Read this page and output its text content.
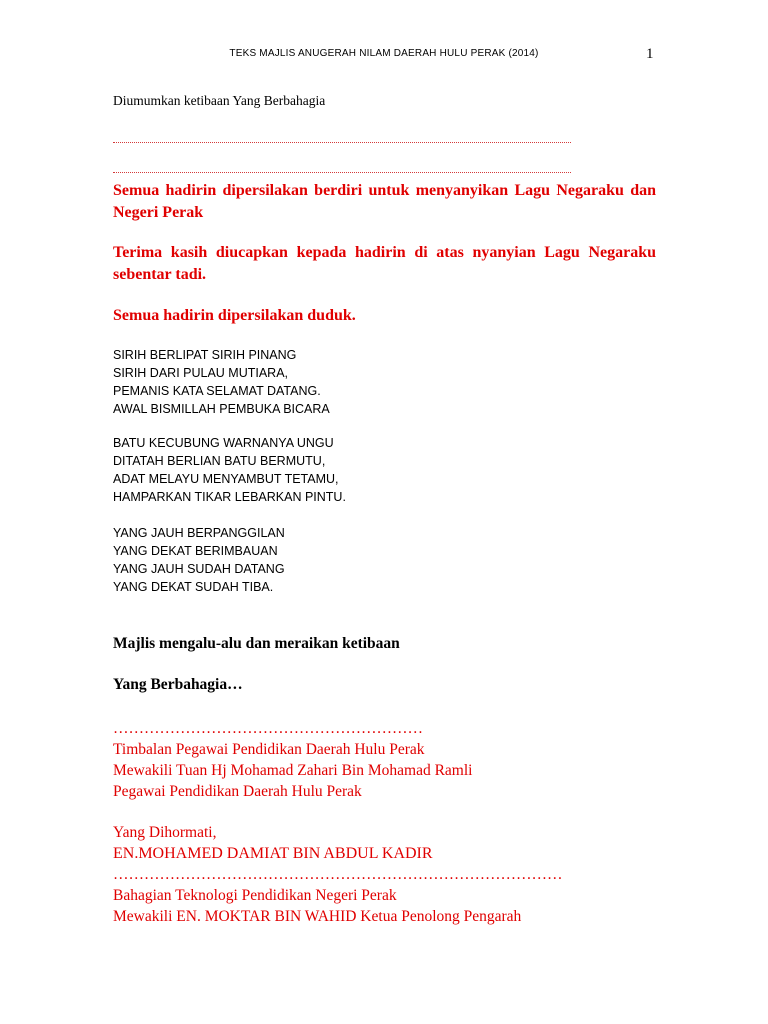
TEKS MAJLIS ANUGERAH NILAM DAERAH HULU PERAK (2014)	1
Diumumkan ketibaan Yang Berbahagia
Semua hadirin dipersilakan berdiri untuk menyanyikan Lagu Negaraku dan Negeri Perak
Terima kasih diucapkan kepada hadirin di atas nyanyian Lagu Negaraku sebentar tadi.
Semua hadirin dipersilakan duduk.
SIRIH BERLIPAT SIRIH PINANG
SIRIH DARI PULAU MUTIARA,
PEMANIS KATA SELAMAT DATANG.
AWAL BISMILLAH PEMBUKA BICARA
BATU KECUBUNG WARNANYA UNGU
DITATAH BERLIAN BATU BERMUTU,
ADAT MELAYU MENYAMBUT TETAMU,
HAMPARKAN TIKAR LEBARKAN PINTU.
YANG JAUH BERPANGGILAN
YANG DEKAT BERIMBAUAN
YANG JAUH SUDAH DATANG
YANG DEKAT SUDAH TIBA.
Majlis mengalu-alu dan meraikan ketibaan
Yang Berbahagia…
……………………………………………………
Timbalan Pegawai Pendidikan Daerah Hulu Perak
Mewakili Tuan Hj Mohamad Zahari Bin Mohamad Ramli
Pegawai Pendidikan Daerah Hulu Perak
Yang Dihormati,
EN.MOHAMED DAMIAT BIN ABDUL KADIR
……………………………………………………………………………
Bahagian Teknologi Pendidikan Negeri Perak
Mewakili EN. MOKTAR BIN WAHID Ketua Penolong Pengarah
